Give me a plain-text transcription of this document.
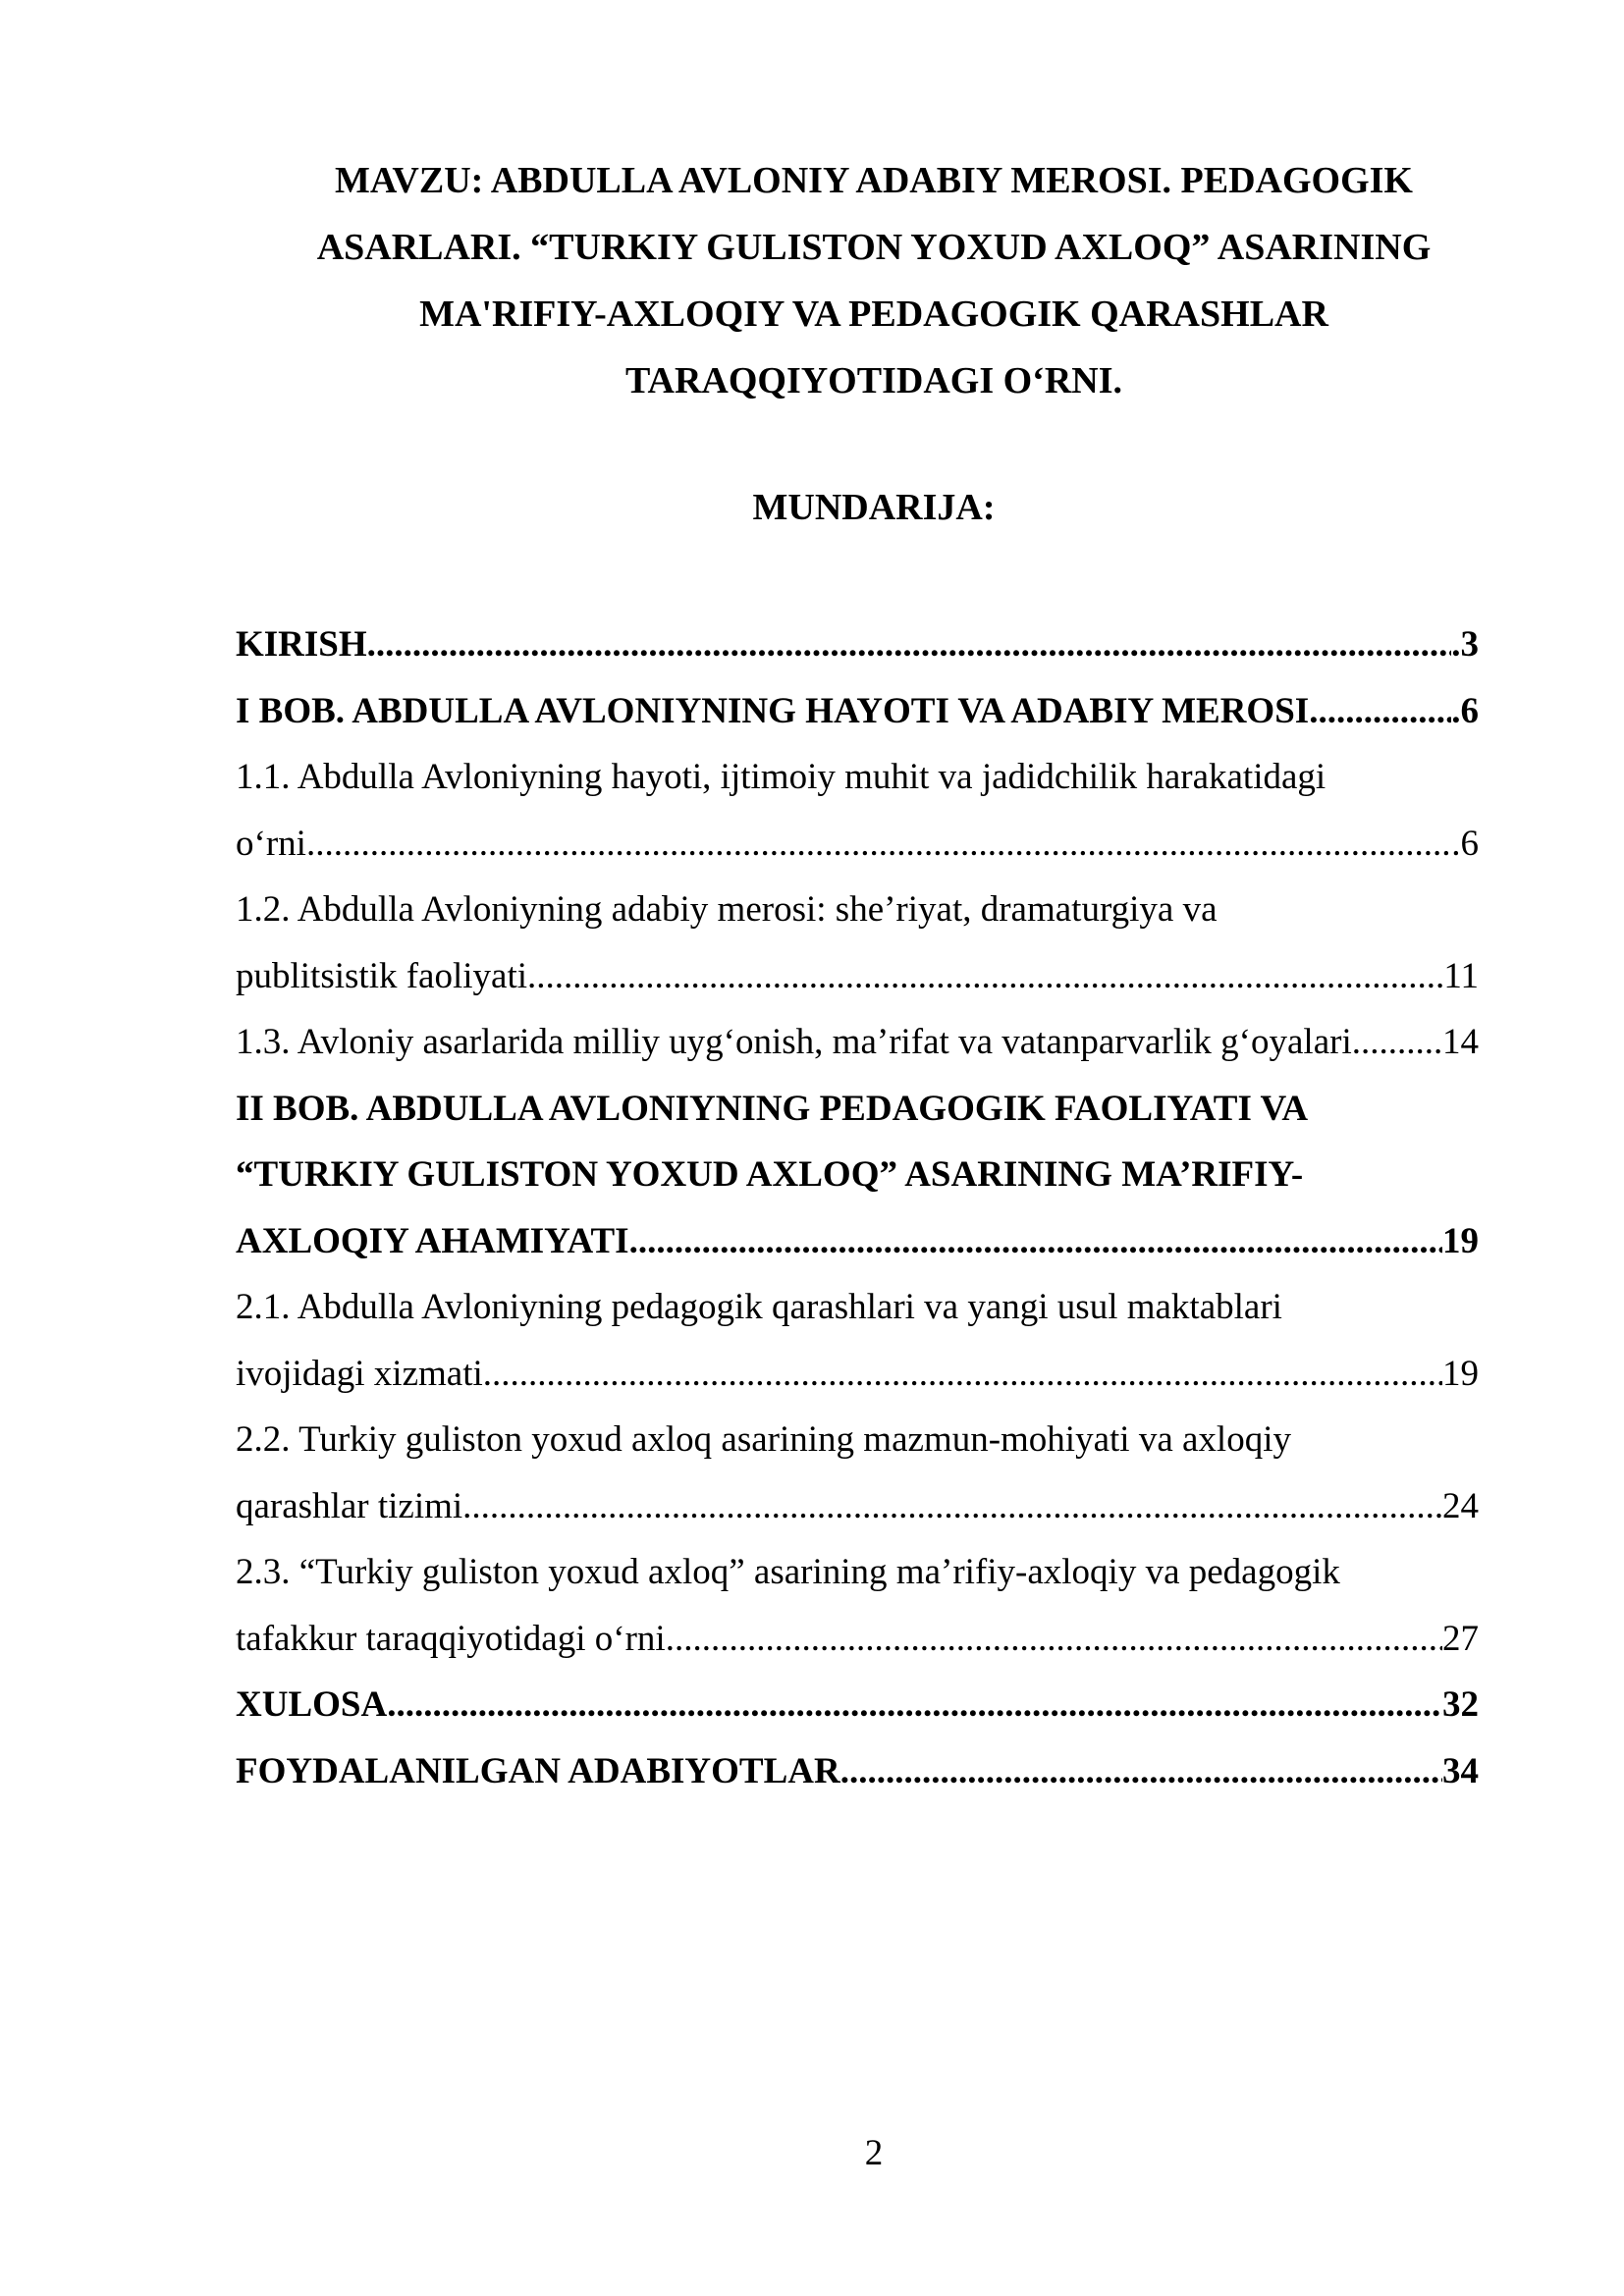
MAVZU: ABDULLA AVLONIY ADABIY MEROSI. PEDAGOGIK
ASARLARI. “TURKIY GULISTON YOXUD AXLOQ” ASARINING
MA'RIFIY-AXLOQIY VA PEDAGOGIK QARASHLAR
TARAQQIYOTIDAGI O‘RNI.
MUNDARIJA:
KIRISH .....	.3
I BOB. ABDULLA AVLONIYNING HAYOTI VA ADABIY MEROSI .....	.6
1.1. Abdulla Avloniyning hayoti, ijtimoiy muhit va jadidchilik harakatidagi
o‘rni .....	.6
1.2. Abdulla Avloniyning adabiy merosi: she’riyat, dramaturgiya va
publitsistik faoliyati .....	11
1.3. Avloniy asarlarida milliy uyg‘onish, ma’rifat va vatanparvarlik g‘oyalari ..... 14
II BOB. ABDULLA AVLONIYNING PEDAGOGIK FAOLIYATI VA
“TURKIY GULISTON YOXUD AXLOQ” ASARINING MA’RIFIY-
AXLOQIY AHAMIYATI .....	19
2.1. Abdulla Avloniyning pedagogik qarashlari va yangi usul maktablari
ivojidagi xizmati .....	19
2.2. Turkiy guliston yoxud axloq asarining mazmun-mohiyati va axloqiy
qarashlar tizimi .....	24
2.3. “Turkiy guliston yoxud axloq” asarining ma’rifiy-axloqiy va pedagogik
tafakkur taraqqiyotidagi o‘rni .....	27
XULOSA .....	32
FOYDALANILGAN ADABIYOTLAR .....	34
2
